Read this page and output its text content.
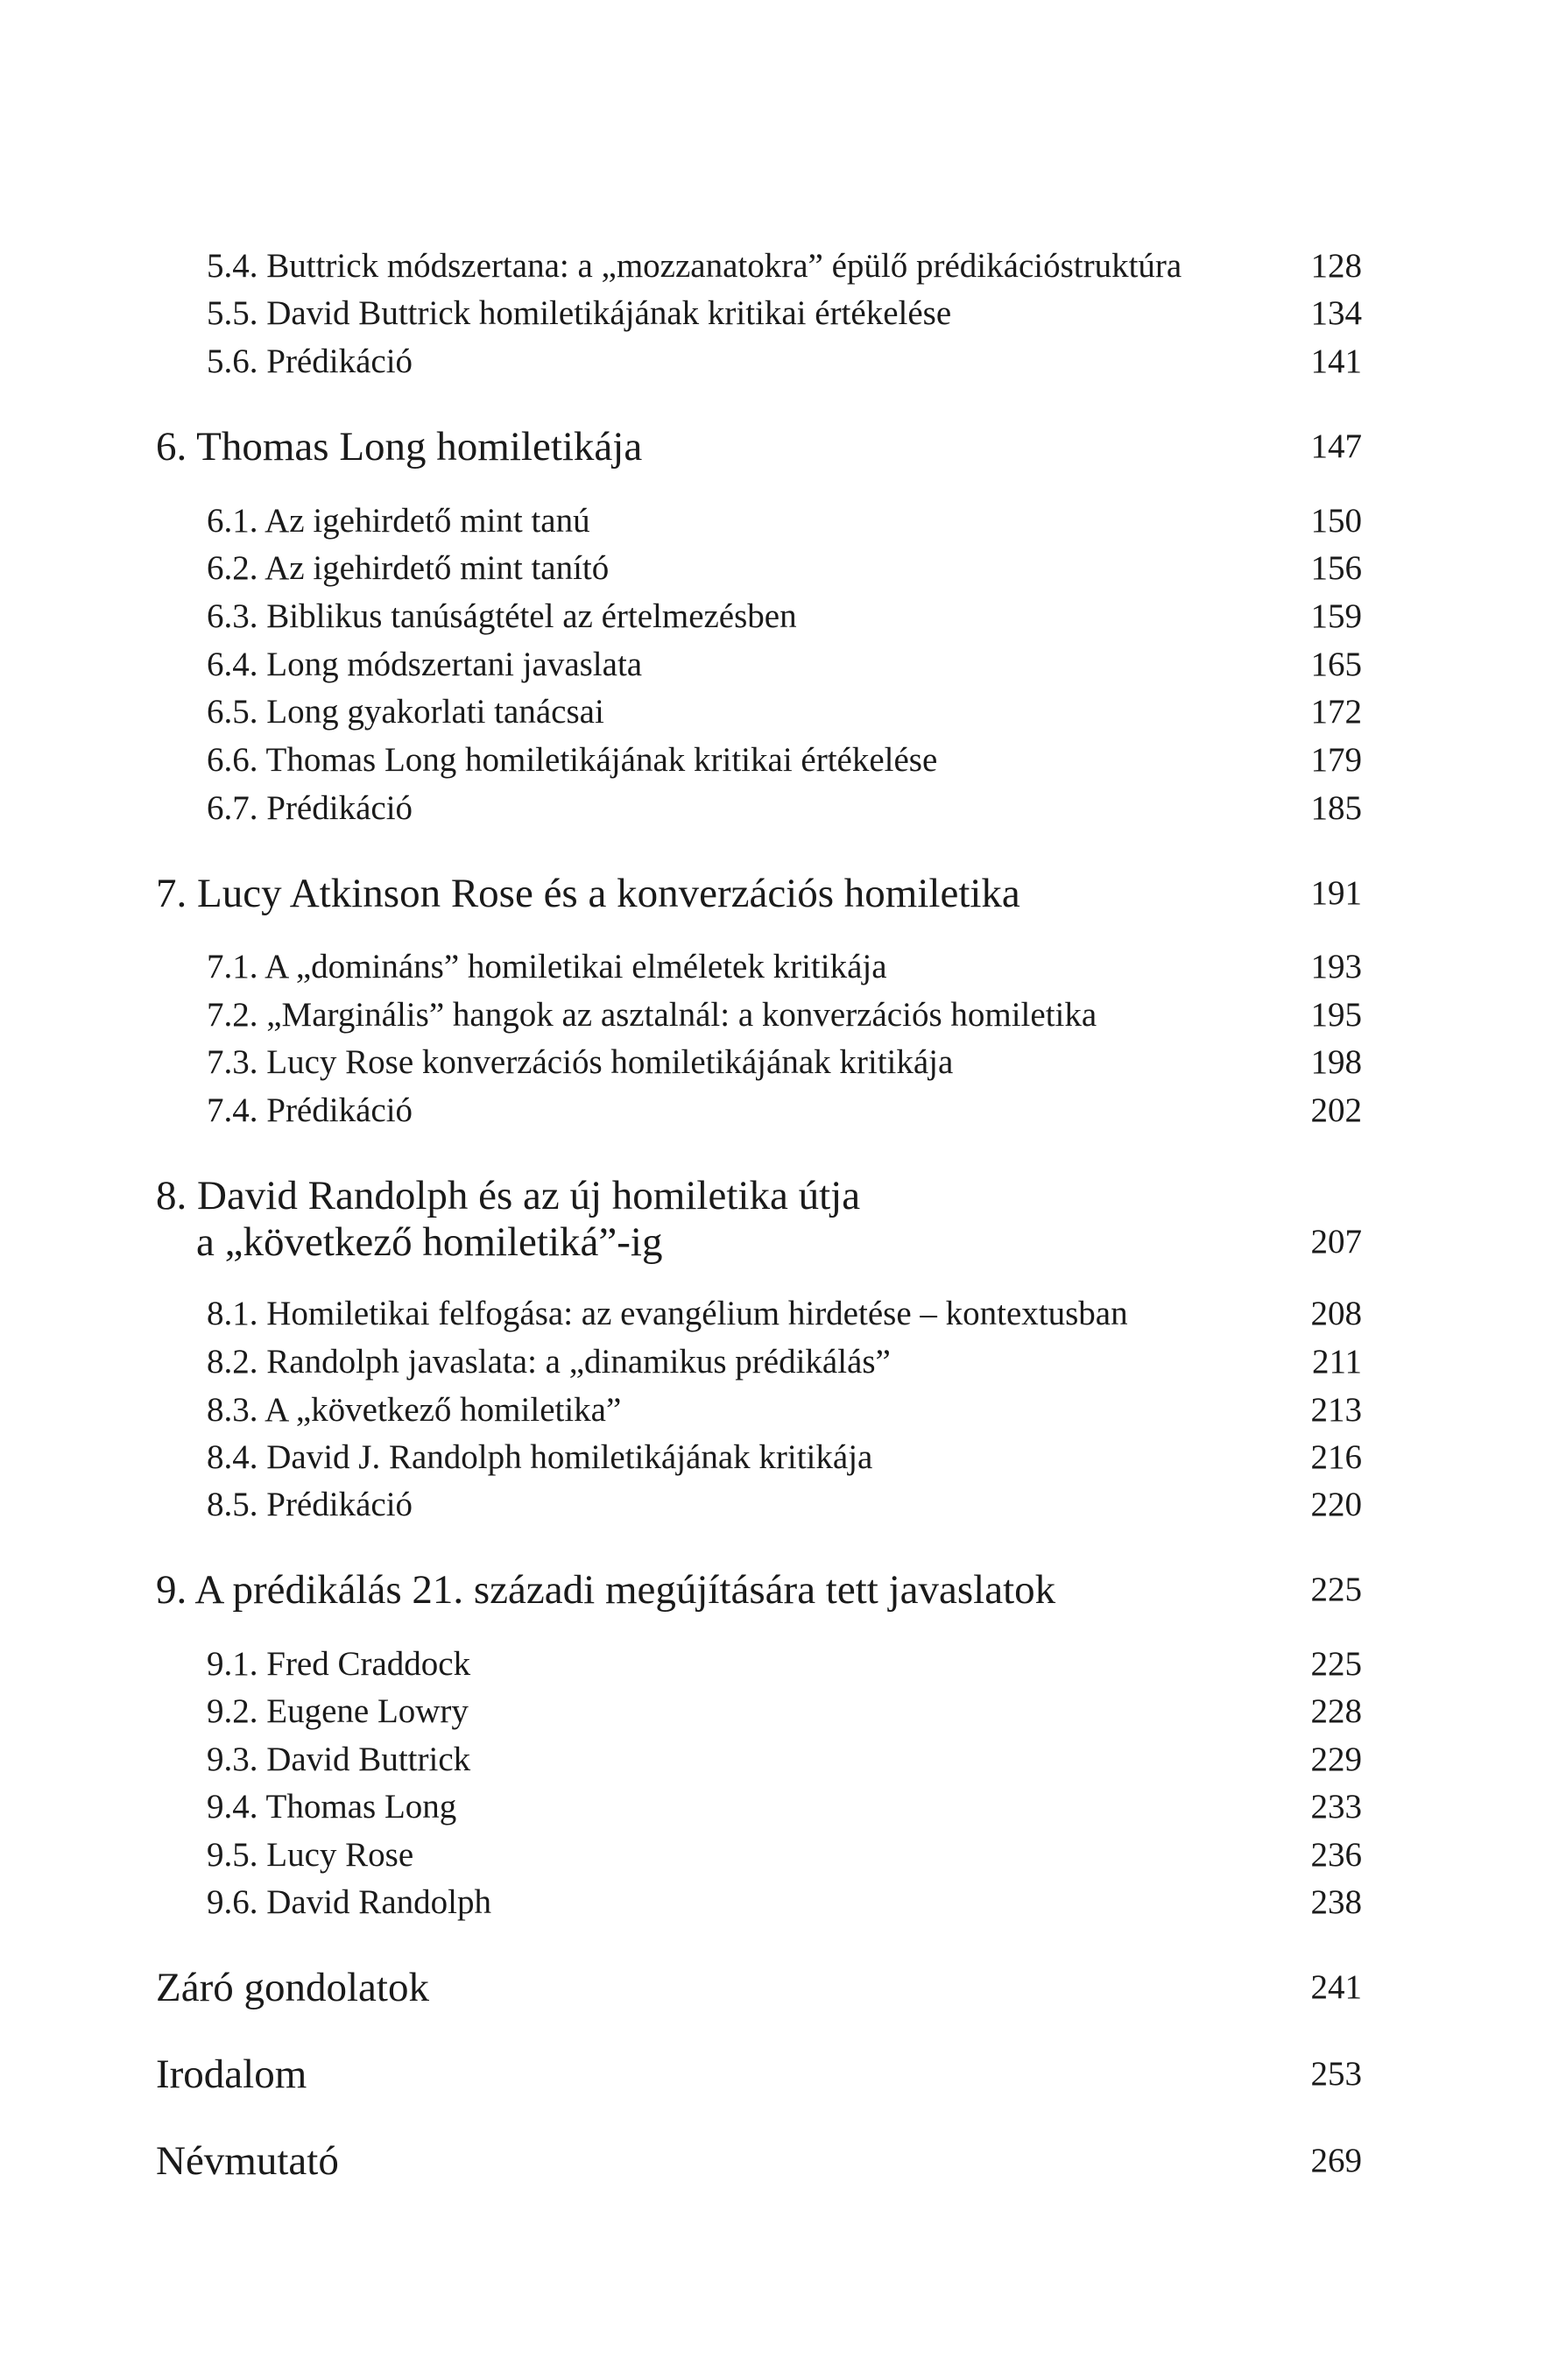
5.4. Buttrick módszertana: a „mozzanatokra” épülő prédikációstruktúra	128
5.5. David Buttrick homiletikájának kritikai értékelése	134
5.6. Prédikáció	141
6. Thomas Long homiletikája	147
6.1. Az igehirdető mint tanú	150
6.2. Az igehirdető mint tanító	156
6.3. Biblikus tanúságtétel az értelmezésben	159
6.4. Long módszertani javaslata	165
6.5. Long gyakorlati tanácsai	172
6.6. Thomas Long homiletikájának kritikai értékelése	179
6.7. Prédikáció	185
7. Lucy Atkinson Rose és a konverzációs homiletika	191
7.1. A „domináns” homiletikai elméletek kritikája	193
7.2. „Marginális” hangok az asztalnál: a konverzációs homiletika	195
7.3. Lucy Rose konverzációs homiletikájának kritikája	198
7.4. Prédikáció	202
8. David Randolph és az új homiletika útja
a „következő homiletiká”-ig	207
8.1. Homiletikai felfogása: az evangélium hirdetése – kontextusban	208
8.2. Randolph javaslata: a „dinamikus prédikálás”	211
8.3. A „következő homiletika”	213
8.4. David J. Randolph homiletikájának kritikája	216
8.5. Prédikáció	220
9. A prédikálás 21. századi megújítására tett javaslatok	225
9.1. Fred Craddock	225
9.2. Eugene Lowry	228
9.3. David Buttrick	229
9.4. Thomas Long	233
9.5. Lucy Rose	236
9.6. David Randolph	238
Záró gondolatok	241
Irodalom	253
Névmutató	269
